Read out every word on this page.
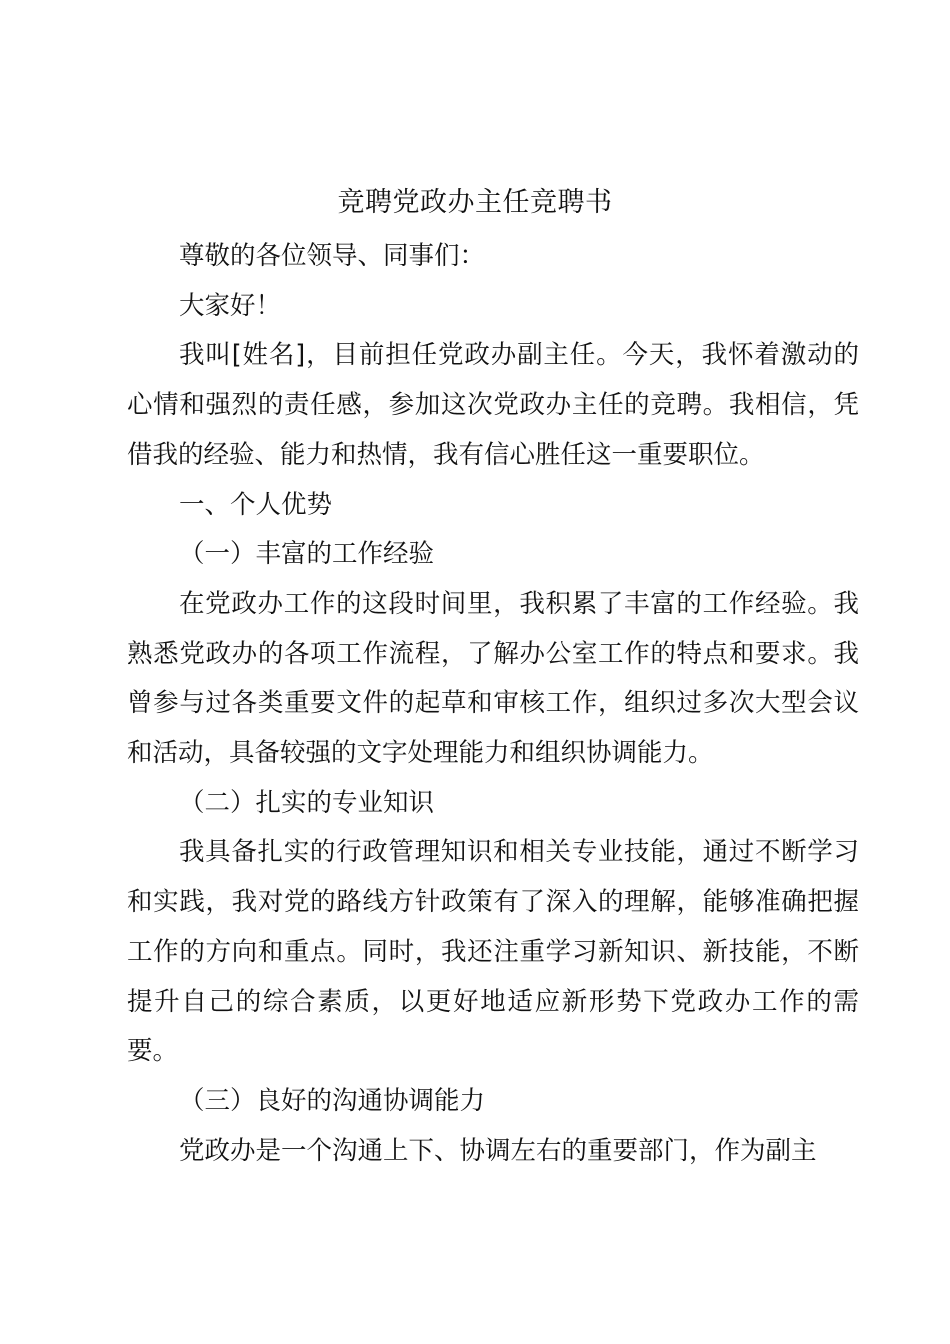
竞聘党政办主任竞聘书

尊敬的各位领导、同事们：

大家好！

我叫[姓名]，目前担任党政办副主任。今天，我怀着激动的心情和强烈的责任感，参加这次党政办主任的竞聘。我相信，凭借我的经验、能力和热情，我有信心胜任这一重要职位。

一、个人优势

（一）丰富的工作经验

在党政办工作的这段时间里，我积累了丰富的工作经验。我熟悉党政办的各项工作流程，了解办公室工作的特点和要求。我曾参与过各类重要文件的起草和审核工作，组织过多次大型会议和活动，具备较强的文字处理能力和组织协调能力。

（二）扎实的专业知识

我具备扎实的行政管理知识和相关专业技能，通过不断学习和实践，我对党的路线方针政策有了深入的理解，能够准确把握工作的方向和重点。同时，我还注重学习新知识、新技能，不断提升自己的综合素质，以更好地适应新形势下党政办工作的需要。

（三）良好的沟通协调能力

党政办是一个沟通上下、协调左右的重要部门，作为副主
